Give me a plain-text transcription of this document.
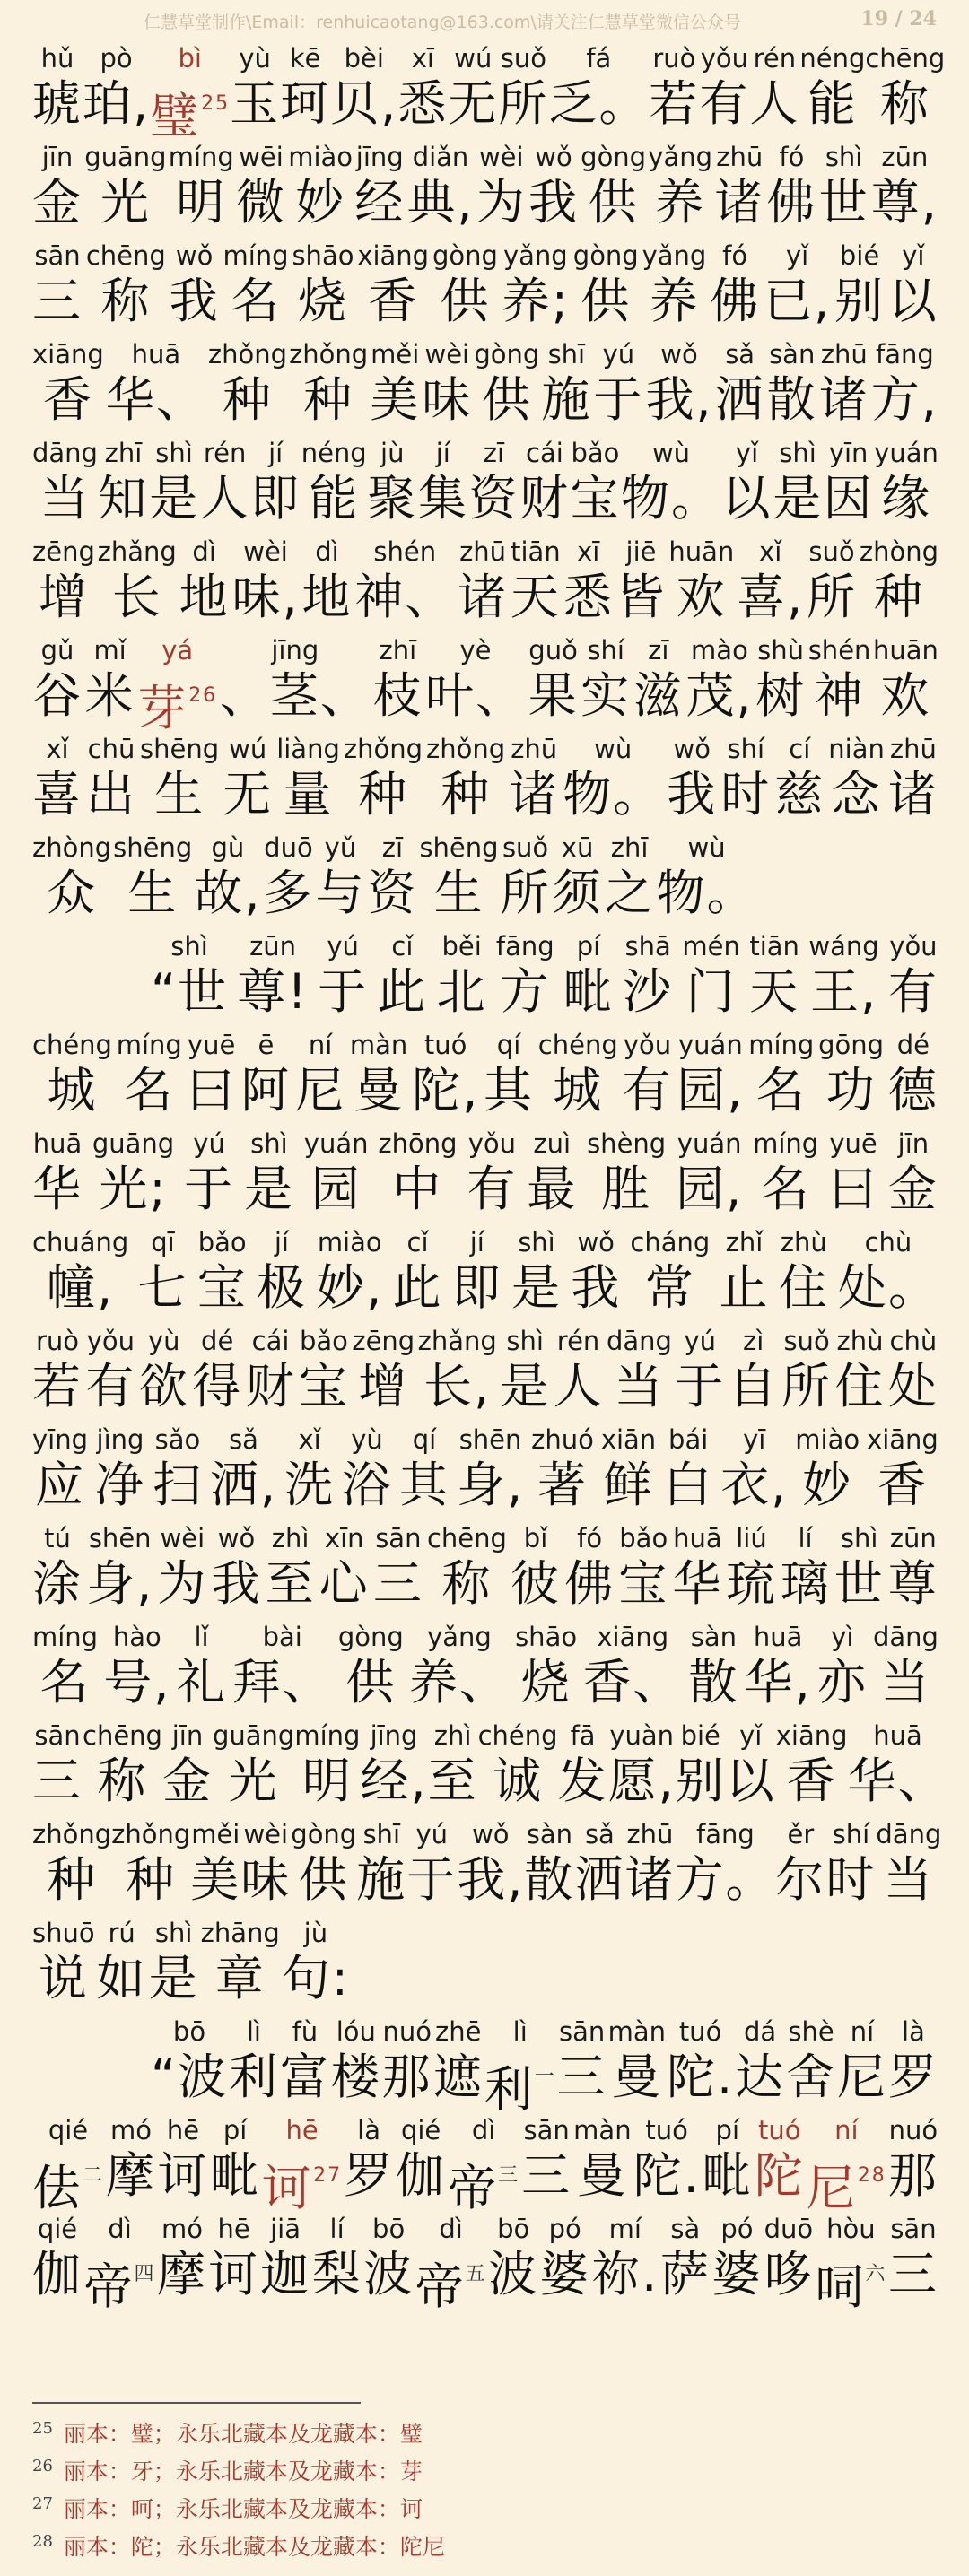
仁慧草堂制作\Email：renhuicaotang@163.com\请关注仁慧草堂微信公众号	19 / 24
hǔ
琥
pò
珀,
bì
璧$^{25}$
yù
玉
kē
珂
bèi
贝,
xī
悉
wú
无
suǒ
所
fá
乏。
ruò
若
yǒu
有
rén
人
néng
能
chēng
称
jīn
金
guāng
光
míng
明
wēi
微
miào
妙
jīng
经
diǎn
典,
wèi
为
wǒ
我
gòng
供
yǎng
养
zhū
诸
fó
佛
shì
世
zūn
尊,
sān
三
chēng
称
wǒ
我
míng
名
shāo
烧
xiāng
香
gòng
供
yǎng
养;
gòng
供
yǎng
养
fó
佛
yǐ
已,
bié
别
yǐ
以
xiāng
香
huā
华、
zhǒng
种
zhǒng
种
měi
美
wèi
味
gòng
供
shī
施
yú
于
wǒ
我,
sǎ
洒
sàn
散
zhū
诸
fāng
方,
dāng
当
zhī
知
shì
是
rén
人
jí
即
néng
能
jù
聚
jí
集
zī
资
cái
财
bǎo
宝
wù
物。
yǐ
以
shì
是
yīn
因
yuán
缘
zēng
增
zhǎng
长
dì
地
wèi
味,
dì
地
shén
神、
zhū
诸
tiān
天
xī
悉
jiē
皆
huān
欢
xǐ
喜,
suǒ
所
zhòng
种
gǔ
谷
mǐ
米
yá
芽$^{26}$
jīng
、茎、
zhī
枝
yè
叶、
guǒ
果
shí
实
zī
滋
mào
茂,
shù
树
shén
神
huān
欢
xǐ
喜
chū
出
shēng
生
wú
无
liàng
量
zhǒng
种
zhǒng
种
zhū
诸
wù
物。
wǒ
我
shí
时
cí
慈
niàn
念
zhū
诸
zhòng
众
shēng
生
gù
故,
duō
多
yǔ
与
zī
资
shēng
生
suǒ
所
xū
须
zhī
之
wù
物。
shì
“世
zūn
尊!
yú
于
cǐ
此
běi
北
fāng
方
pí
毗
shā
沙
mén
门
tiān
天
wáng
王,
yǒu
有
chéng
城
míng
名
yuē
曰
ē
阿
ní
尼
màn
曼
tuó
陀,
qí
其
chéng
城
yǒu
有
yuán
园,
míng
名
gōng
功
dé
德
huā
华
guāng
光;
yú
于
shì
是
yuán
园
zhōng
中
yǒu
有
zuì
最
shèng
胜
yuán
园,
míng
名
yuē
曰
jīn
金
chuáng
幢,
qī
七
bǎo
宝
jí
极
miào
妙,
cǐ
此
jí
即
shì
是
wǒ
我
cháng
常
zhǐ
止
zhù
住
chù
处。
ruò
若
yǒu
有
yù
欲
dé
得
cái
财
bǎo
宝
zēng
增
zhǎng
长,
shì
是
rén
人
dāng
当
yú
于
zì
自
suǒ
所
zhù
住
chù
处
yīng
应
jìng
净
sǎo
扫
sǎ
洒,
xǐ
洗
yù
浴
qí
其
shēn
身,
zhuó
著
xiān
鲜
bái
白
yī
衣,
miào
妙
xiāng
香
tú
涂
shēn
身,
wèi
为
wǒ
我
zhì
至
xīn
心
sān
三
chēng
称
bǐ
彼
fó
佛
bǎo
宝
huā
华
liú
琉
lí
璃
shì
世
zūn
尊
míng
名
hào
号,
lǐ
礼
bài
拜、
gòng
供
yǎng
养、
shāo
烧
xiāng
香、
sàn
散
huā
华,
yì
亦
dāng
当
sān
三
chēng
称
jīn
金
guāng
光
míng
明
jīng
经,
zhì
至
chéng
诚
fā
发
yuàn
愿,
bié
别
yǐ
以
xiāng
香
huā
华、
zhǒng
种
zhǒng
种
měi
美
wèi
味
gòng
供
shī
施
yú
于
wǒ
我,
sàn
散
sǎ
洒
zhū
诸
fāng
方。
ěr
尔
shí
时
dāng
当
shuō
说
rú
如
shì
是
zhāng
章
jù
句:
bō
“波
lì
利
fù
富
lóu
楼
nuó
那
zhē
遮
lì
利$^一$
sān
三
màn
曼
tuó
陀.
dá
达
shè
舍
ní
尼
là
罗
qié
佉$^二$
mó
摩
hē
诃
pí
毗
hē
诃$^{27}$
là
罗
qié
伽
dì
帝$^三$
sān
三
màn
曼
tuó
陀.
pí
毗
tuó
陀
ní
尼$^{28}$
nuó
那
qié
伽
dì
帝$^四$
mó
摩
hē
诃
jiā
迦
lí
梨
bō
波
dì
帝$^五$
bō
波
pó
婆
mí
祢.
sà
萨
pó
婆
duō
哆
hòu
呞$^六$
sān
三
25 丽本：璧；永乐北藏本及龙藏本：璧
26 丽本：牙；永乐北藏本及龙藏本：芽
27 丽本：呵；永乐北藏本及龙藏本：诃
28 丽本：陀；永乐北藏本及龙藏本：陀尼
